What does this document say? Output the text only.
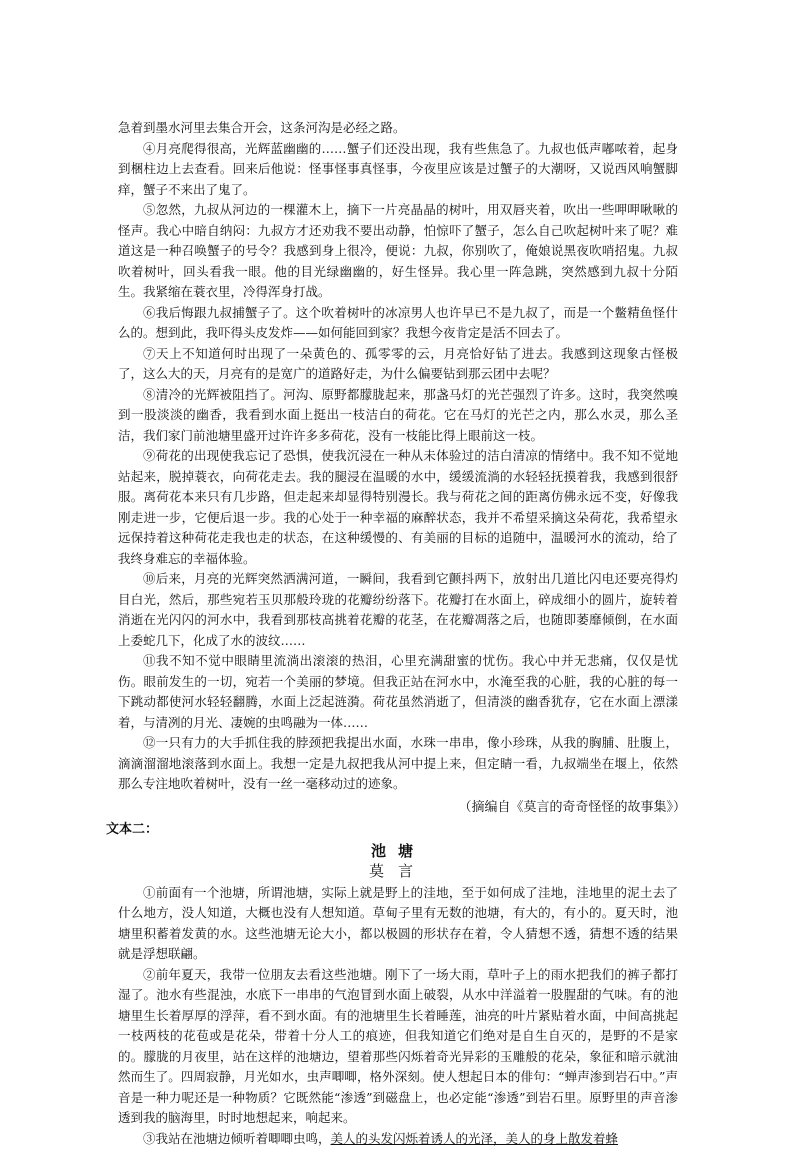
急着到墨水河里去集合开会，这条河沟是必经之路。

④月亮爬得很高，光辉蓝幽幽的……蟹子们还没出现，我有些焦急了。九叔也低声嘟哝着，起身到梱柱边上去查看。回来后他说：怪事怪事真怪事，今夜里应该是过蟹子的大潮呀，又说西风响蟹脚痒，蟹子不来出了鬼了。

⑤忽然，九叔从河边的一棵灌木上，摘下一片亮晶晶的树叶，用双唇夹着，吹出一些呷呷啾啾的怪声。我心中暗自纳闷：九叔方才还劝我不要出动静，怕惊吓了蟹子，怎么自己吹起树叶来了呢？难道这是一种召唤蟹子的号令？我感到身上很冷，便说：九叔，你别吹了，俺娘说黑夜吹哨招鬼。九叔吹着树叶，回头看我一眼。他的目光绿幽幽的，好生怪异。我心里一阵急跳，突然感到九叔十分陌生。我紧缩在蓑衣里，冷得浑身打战。

⑥我后悔跟九叔捕蟹子了。这个吹着树叶的冰凉男人也许早已不是九叔了，而是一个鳖精鱼怪什么的。想到此，我吓得头皮发炸——如何能回到家？我想今夜肯定是活不回去了。

⑦天上不知道何时出现了一朵黄色的、孤零零的云，月亮恰好钻了进去。我感到这现象古怪极了，这么大的天，月亮有的是宽广的道路好走，为什么偏要钻到那云团中去呢？

⑧清冷的光辉被阻挡了。河沟、原野都朦胧起来，那盏马灯的光芒强烈了许多。这时，我突然嗅到一股淡淡的幽香，我看到水面上挺出一枝洁白的荷花。它在马灯的光芒之内，那么水灵，那么圣洁，我们家门前池塘里盛开过许许多多荷花，没有一枝能比得上眼前这一枝。

⑨荷花的出现使我忘记了恐惧，使我沉浸在一种从未体验过的洁白清凉的情绪中。我不知不觉地站起来，脱掉蓑衣，向荷花走去。我的腿浸在温暖的水中，缓缓流淌的水轻轻抚摸着我，我感到很舒服。离荷花本来只有几步路，但走起来却显得特别漫长。我与荷花之间的距离仿佛永远不变，好像我刚走进一步，它便后退一步。我的心处于一种幸福的麻醉状态，我并不希望采摘这朵荷花，我希望永远保持着这种荷花走我也走的状态，在这种缓慢的、有美丽的目标的追随中，温暖河水的流动，给了我终身难忘的幸福体验。

⑩后来，月亮的光辉突然洒满河道，一瞬间，我看到它颤抖两下，放射出几道比闪电还要亮得灼目白光，然后，那些宛若玉贝那般玲珑的花瓣纷纷落下。花瓣打在水面上，碎成细小的圆片，旋转着消逝在光闪闪的河水中，我看到那枝高挑着花瓣的花茎，在花瓣凋落之后，也随即萎靡倾倒，在水面上委蛇几下，化成了水的波纹……

⑪我不知不觉中眼睛里流淌出滚滚的热泪，心里充满甜蜜的忧伤。我心中并无悲痛，仅仅是忧伤。眼前发生的一切，宛若一个美丽的梦境。但我正站在河水中，水淹至我的心脏，我的心脏的每一下跳动都使河水轻轻翻腾，水面上泛起涟漪。荷花虽然消逝了，但清淡的幽香犹存，它在水面上漂漾着，与清冽的月光、凄婉的虫鸣融为一体……

⑫一只有力的大手抓住我的脖颈把我提出水面，水珠一串串，像小珍珠，从我的胸脯、肚腹上，滴滴溜溜地滚落到水面上。我想一定是九叔把我从河中提上来，但定睛一看，九叔端坐在堰上，依然那么专注地吹着树叶，没有一丝一毫移动过的迹象。

（摘编自《莫言的奇奇怪怪的故事集》）

文本二：

池塘

莫言

①前面有一个池塘，所谓池塘，实际上就是野上的洼地，至于如何成了洼地，洼地里的泥土去了什么地方，没人知道，大概也没有人想知道。草甸子里有无数的池塘，有大的，有小的。夏天时，池塘里积蓄着发黄的水。这些池塘无论大小，都以极圆的形状存在着，令人猜想不透，猜想不透的结果就是浮想联翩。

②前年夏天，我带一位朋友去看这些池塘。刚下了一场大雨，草叶子上的雨水把我们的裤子都打湿了。池水有些混浊，水底下一串串的气泡冒到水面上破裂，从水中洋溢着一股腥甜的气味。有的池塘里生长着厚厚的浮萍，看不到水面。有的池塘里生长着睡莲，油亮的叶片紧贴着水面，中间高挑起一枝两枝的花苞或是花朵，带着十分人工的痕迹，但我知道它们绝对是自生自灭的，是野的不是家的。朦胧的月夜里，站在这样的池塘边，望着那些闪烁着奇光异彩的玉雕般的花朵，象征和暗示就油然而生了。四周寂静，月光如水，虫声唧唧，格外深刻。使人想起日本的俳句：“蝉声渗到岩石中。”声音是一种力呢还是一种物质？它既然能“渗透”到磁盘上，也必定能“渗透”到岩石里。原野里的声音渗透到我的脑海里，时时地想起来，响起来。

③我站在池塘边倾听着唧唧虫鸣，美人的头发闪烁着诱人的光泽，美人的身上散发着蜂
